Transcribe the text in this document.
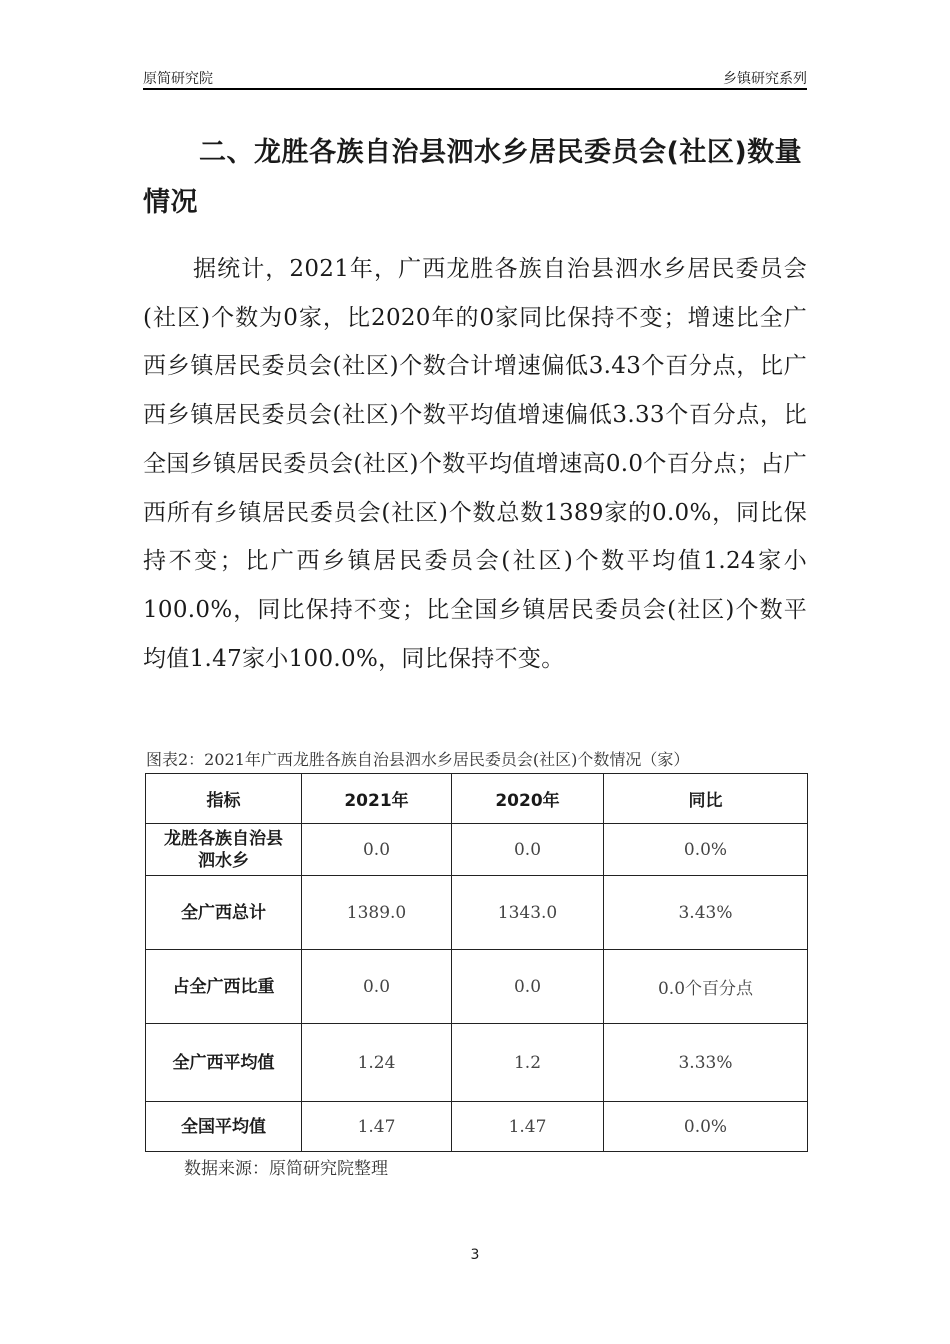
原简研究院	乡镇研究系列
二、龙胜各族自治县泗水乡居民委员会(社区)数量情况

据统计，2021年，广西龙胜各族自治县泗水乡居民委员会(社区)个数为0家，比2020年的0家同比保持不变；增速比全广西乡镇居民委员会(社区)个数合计增速偏低3.43个百分点，比广西乡镇居民委员会(社区)个数平均值增速偏低3.33个百分点，比全国乡镇居民委员会(社区)个数平均值增速高0.0个百分点；占广西所有乡镇居民委员会(社区)个数总数1389家的0.0%，同比保持不变；比广西乡镇居民委员会(社区)个数平均值1.24家小100.0%，同比保持不变；比全国乡镇居民委员会(社区)个数平均值1.47家小100.0%，同比保持不变。

图表2：2021年广西龙胜各族自治县泗水乡居民委员会(社区)个数情况（家）
指标	2021年	2020年	同比
龙胜各族自治县泗水乡	0.0	0.0	0.0%
全广西总计	1389.0	1343.0	3.43%
占全广西比重	0.0	0.0	0.0个百分点
全广西平均值	1.24	1.2	3.33%
全国平均值	1.47	1.47	0.0%
数据来源：原简研究院整理
3
